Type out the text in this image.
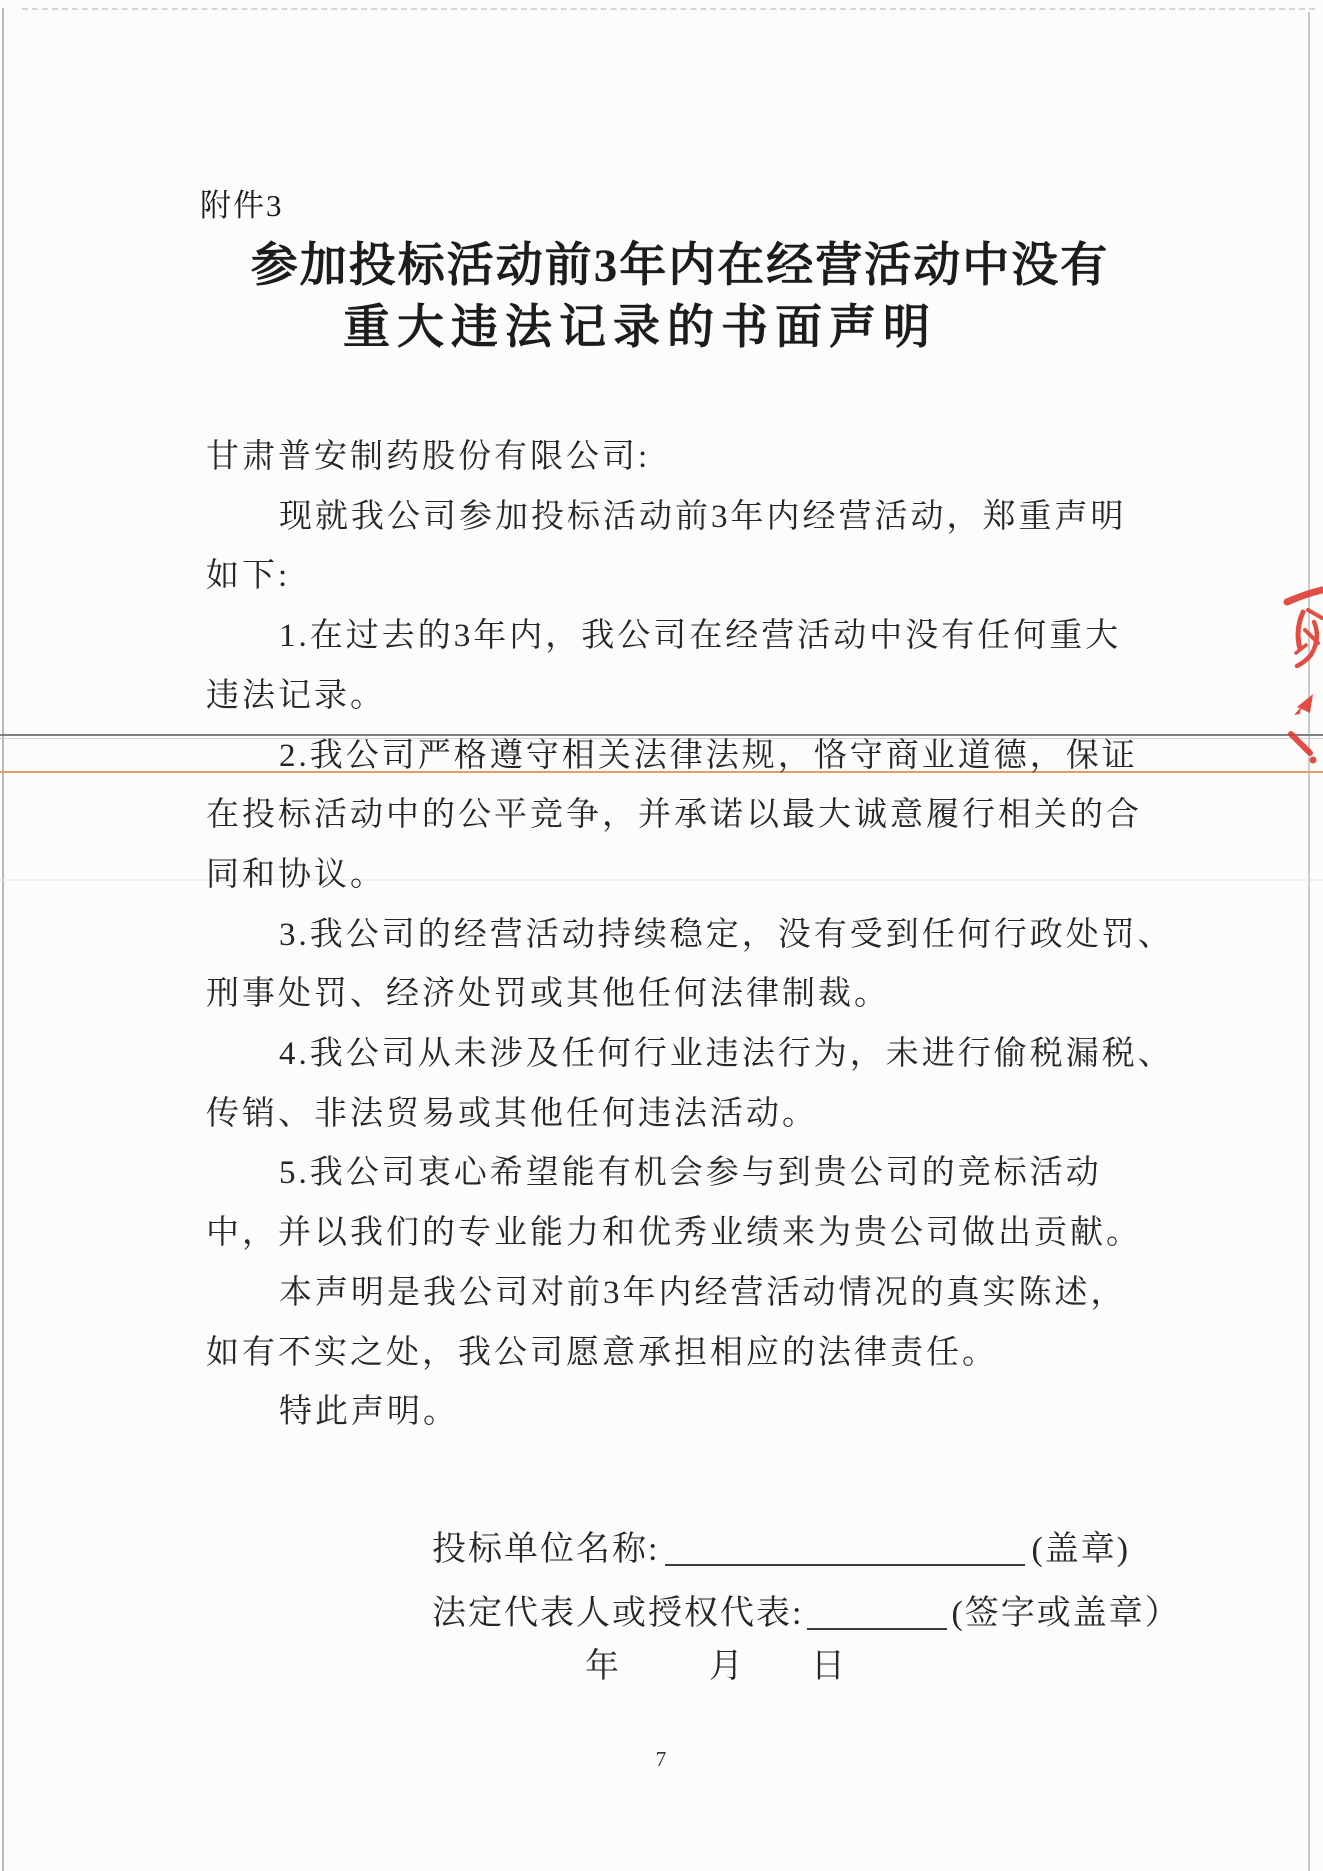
附件3
参加投标活动前3年内在经营活动中没有
重大违法记录的书面声明
甘肃普安制药股份有限公司:
现就我公司参加投标活动前3年内经营活动，郑重声明
如下:
1.在过去的3年内，我公司在经营活动中没有任何重大
违法记录。
2.我公司严格遵守相关法律法规，恪守商业道德，保证
在投标活动中的公平竞争，并承诺以最大诚意履行相关的合
同和协议。
3.我公司的经营活动持续稳定，没有受到任何行政处罚、
刑事处罚、经济处罚或其他任何法律制裁。
4.我公司从未涉及任何行业违法行为，未进行偷税漏税、
传销、非法贸易或其他任何违法活动。
5.我公司衷心希望能有机会参与到贵公司的竞标活动
中，并以我们的专业能力和优秀业绩来为贵公司做出贡献。
本声明是我公司对前3年内经营活动情况的真实陈述，
如有不实之处，我公司愿意承担相应的法律责任。
特此声明。
投标单位名称:	(盖章)
法定代表人或授权代表:	(签字或盖章）
年	月 日
7
